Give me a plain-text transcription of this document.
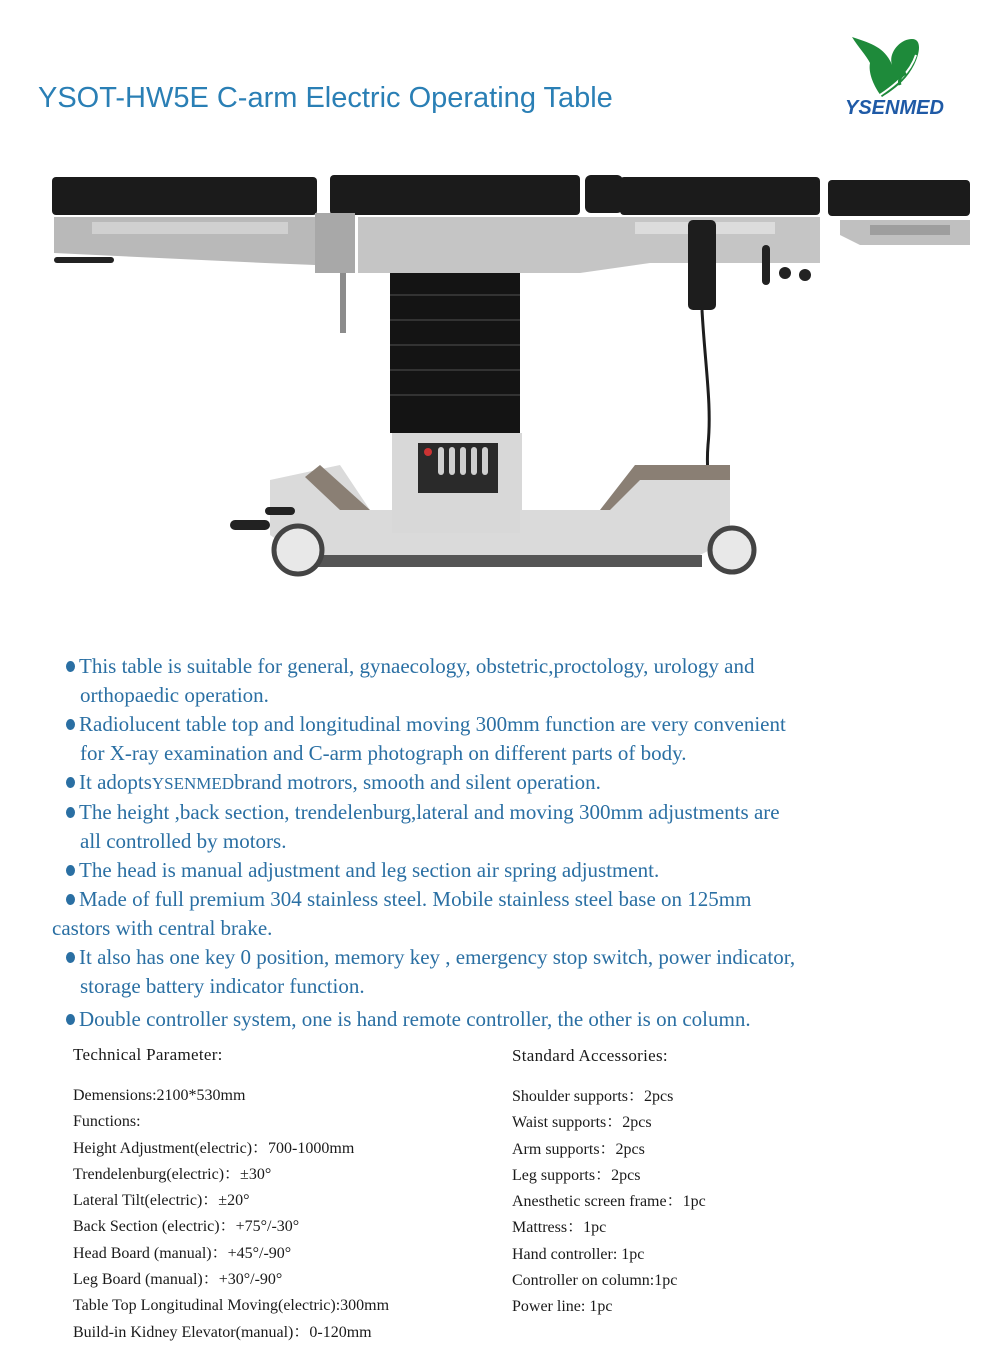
YSOT-HW5E C-arm Electric Operating Table	YSENMED
This table is suitable for general, gynaecology, obstetric,proctology, urology and
orthopaedic operation.
Radiolucent table top and longitudinal moving 300mm function are very convenient
for X-ray examination and C-arm photograph on different parts of body.
It adoptsYSENMEDbrand motrors, smooth and silent operation.
The height ,back section, trendelenburg,lateral and moving 300mm adjustments are
all controlled by motors.
The head is manual adjustment and leg section air spring adjustment.
Made of full premium 304 stainless steel. Mobile stainless steel base on 125mm
castors with central brake.
It also has one key 0 position, memory key , emergency stop switch, power indicator,
storage battery indicator function.
Double controller system, one is hand remote controller, the other is on column.
Technical Parameter:
Demensions:2100*530mm
Functions:
Height Adjustment(electric)：700-1000mm
Trendelenburg(electric)：±30°
Lateral Tilt(electric)：±20°
Back Section (electric)：+75°/-30°
Head Board (manual)：+45°/-90°
Leg Board (manual)：+30°/-90°
Table Top Longitudinal Moving(electric):300mm
Build-in Kidney Elevator(manual)：0-120mm
Standard Accessories:
Shoulder supports：2pcs
Waist supports：2pcs
Arm supports：2pcs
Leg supports：2pcs
Anesthetic screen frame：1pc
Mattress：1pc
Hand controller: 1pc
Controller on column:1pc
Power line: 1pc
